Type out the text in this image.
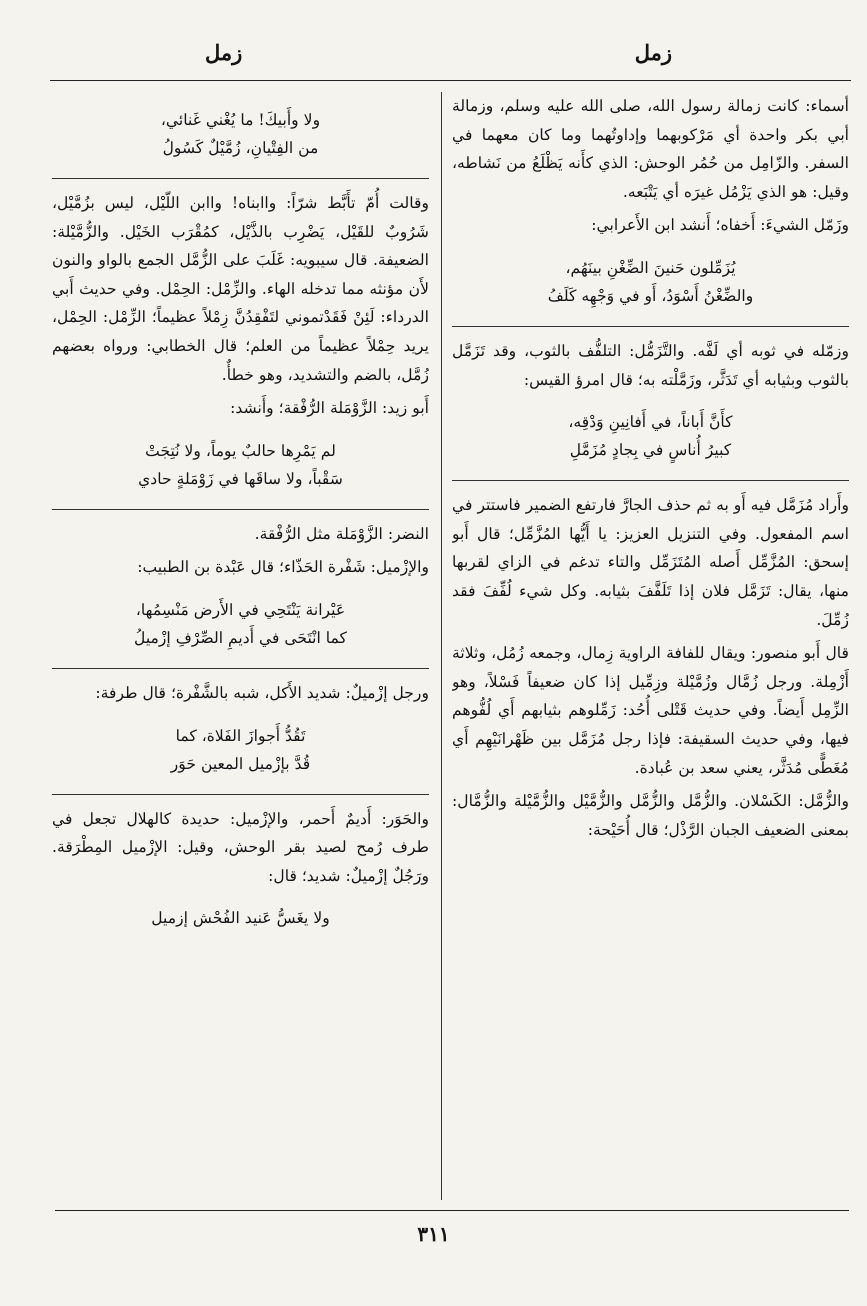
زمل
زمل

أسماء: كانت زمالة رسول الله، صلى الله عليه وسلم، وزمالة أبي بكر واحدة أي مَرْكوبهما وإداوتُهما وما كان معهما في السفر. والزّامِل من حُمُر الوحش: الذي كأَنه يَظْلَعُ من نَشاطه، وقيل: هو الذي يَزْمُل غيرَه أي يَتْبَعه.

وزَمّل الشيءَ: أَخفاه؛ أَنشد ابن الأَعرابي:

يُزَمِّلون حَنينَ الضِّغْنِ بينَهُم،
والضِّغْنُ أَسْوَدُ، أَو في وَجْهِه كَلَفُ

وزمّله في ثوبه أي لَفَّه. والتَّزَمُّل: التلفُّف بالثوب، وقد تَزَمَّل بالثوب وبثيابه أي تَدَثَّر، وزَمَّلْته به؛ قال امرؤ القيس:

كأَنَّ أَباناً، في أَفانِينِ وَدْقِه،
كبيرُ أُناسٍ في بِجادٍ مُزَمَّلِ

وأَراد مُزَمَّل فيه أَو به ثم حذف الجارَّ فارتفع الضمير فاستتر في اسم المفعول. وفي التنزيل العزيز: يا أَيُّها المُزَّمِّل؛ قال أَبو إسحق: المُزَّمِّل أَصله المُتَزَمِّل والتاء تدغم في الزاي لقربها منها، يقال: تَزَمَّل فلان إذا تَلَفَّفَ بثيابه. وكل شيء لُفِّفَ فقد زُمِّلَ.

قال أَبو منصور: ويقال للفافة الراوية زِمال، وجمعه زُمُل، وثلاثة أَزْمِلة. ورجل زُمَّال وزُمَّيْلة وزِمِّيل إذا كان ضعيفاً فَسْلاً، وهو الزِّمِل أَيضاً. وفي حديث قَتْلى أُحُد: زَمِّلوهم بثيابهم أَي لُفُّوهم فيها، وفي حديث السقيفة: فإذا رجل مُزَمَّل بين ظَهْرانَيْهِم أَي مُغَطًّى مُدَثَّر، يعني سعد بن عُبادة.

والزُّمَّل: الكَسْلان. والزُّمَّل والزُّمَّل والزُّمَّيْل والزُّمَّيْلة والزُّمَّال: بمعنى الضعيف الجبان الرَّذْل؛ قال أُحَيْحة:

ولا وأَبيكَ! ما يُغْني غَنائي،
من الفِتْيانِ، زُمَّيْلٌ كَسُولُ

وقالت أُمّ تأَبَّط شرّاً: واابناه! واابن اللّيْل، ليس بزُمَّيْل، شَرُوبٌ للقَيْل، يَضْرِب بالذَّيْل، كمُقْرَب الخَيْل. والزُّمَّيْلة: الضعيفة. قال سيبويه: غَلَبَ على الزُّمَّل الجمع بالواو والنون لأَن مؤنثه مما تدخله الهاء. والزِّمْل: الحِمْل. وفي حديث أَبي الدرداء: لَئِنْ فَقَدْتموني لتَفْقِدُنَّ زِمْلاً عظيماً؛ الزِّمْل: الحِمْل، يريد حِمْلاً عظيماً من العلم؛ قال الخطابي: ورواه بعضهم زُمَّل، بالضم والتشديد، وهو خطأٌ.

أَبو زيد: الزَّوْمَلة الرُّفْقة؛ وأَنشد:

لم يَمْرِها حالبٌ يوماً، ولا نُتِجَتْ
سَقْباً، ولا ساقَها في زَوْمَلةٍ حادي

النضر: الزَّوْمَلة مثل الرُّفْقة.

والإزْميل: شَفْرة الحَذّاء؛ قال عَبْدة بن الطبيب:

عَيْرانة يَنْتَحِي في الأَرض مَنْسِمُها،
كما انْتَحَى في أَديمِ الصِّرْفِ إزْميلُ

ورجل إزْميلٌ: شديد الأَكل، شبه بالشَّفْرة؛ قال طرفة:

تَقُدُّ أَجوازَ الفَلاة، كما
قُدَّ بإزْميل المعين حَوَر

والحَوَر: أَديمٌ أَحمر، والإزْميل: حديدة كالهلال تجعل في طرف رُمح لصيد بقر الوحش، وقيل: الإزْميل المِطْرَقة. ورَجُلٌ إزْميلٌ: شديد؛ قال:

ولا يغَسُّ عَنيد الفُحْش إزميل
٣١١
